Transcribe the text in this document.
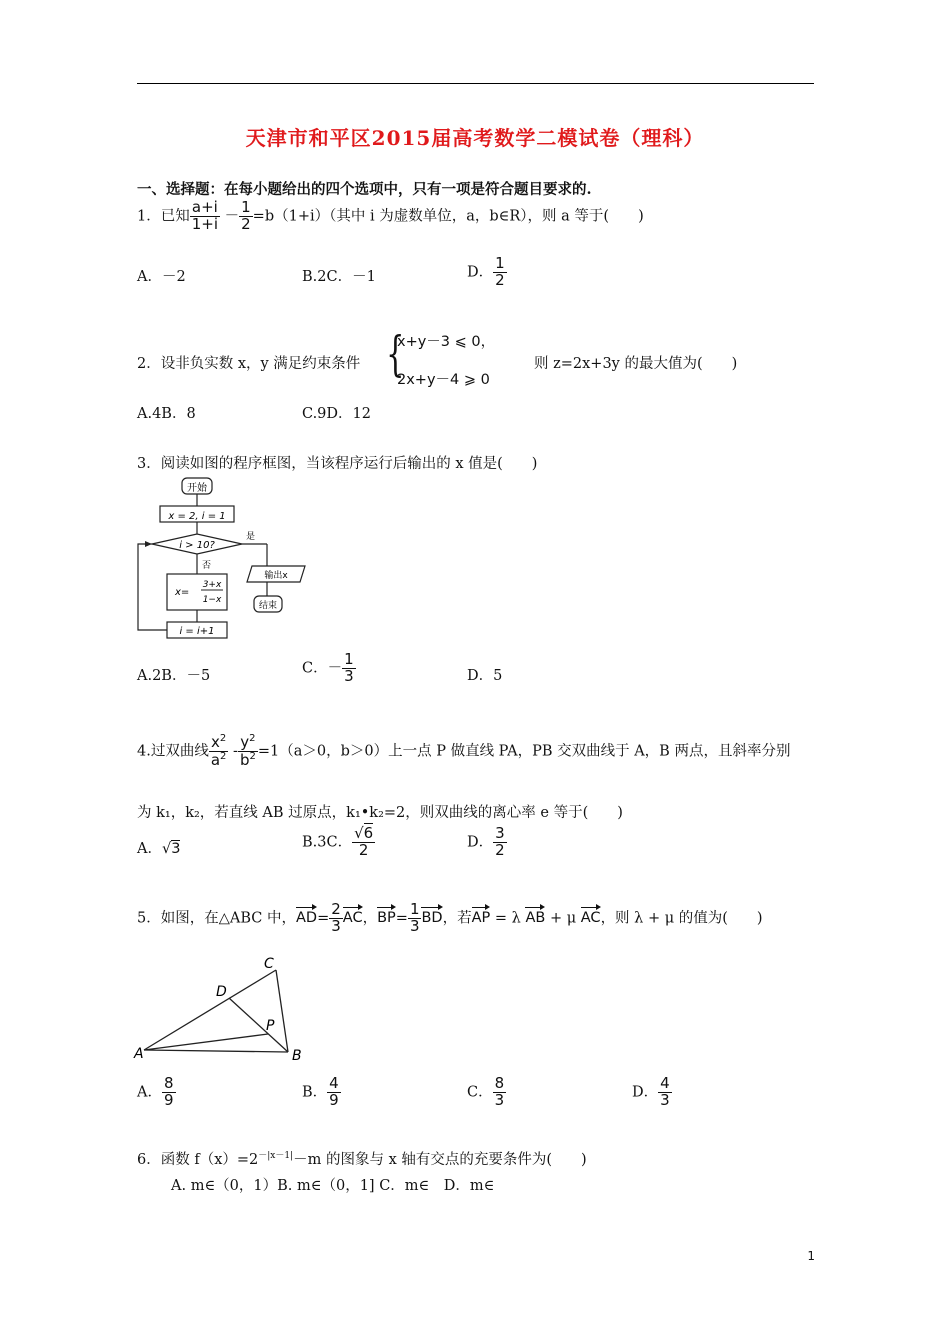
天津市和平区2015届高考数学二模试卷（理科）
一、选择题：在每小题给出的四个选项中，只有一项是符合题目要求的.
1．已知 $\frac{a+i}{1+i} - \frac{1}{2} =b(1+i)$（其中 i 为虚数单位，a，b∈R），则 a 等于(　　)
A．－2	B.2C．－1	D． $\frac{1}{2}$
2．设非负实数 x，y 满足约束条件 {
x+y－3 ⩽ 0，
2x+y－4 ⩾ 0
则 z=2x+3y 的最大值为(　　)
A.4B．8	C.9D．12
3．阅读如图的程序框图，当该程序运行后输出的 x 值是(　　)
开始
x = 2, i = 1
i > 10?
是
否
输出x
结束
x=
3+x
1−x
i = i+1
A.2B．－5	C．－ $\frac{1}{3}$	D．5
4.过双曲线 $\frac{x^2}{a^2} - \frac{y^2}{b^2} =1(a>0$，b＞0）上一点 P 做直线 PA，PB 交双曲线于 A，B 两点，且斜率分别
为 k₁，k₂，若直线 AB 过原点，k₁•k₂=2，则双曲线的离心率 e 等于(　　)
A．√3	B.3C． $\frac{√6}{2}$	D． $\frac{3}{2}$
5．如图，在△ABC 中，$AD= \frac{2}{3}$ AC，$BP= \frac{1}{3}$ BD，若AP = λ AB + μ AC，则 λ + μ 的值为(　　)
A	B
C
D
P
A． $\frac{8}{9}$	B． $\frac{4}{9}$	C． $\frac{8}{3}$	D． $\frac{4}{3}$
6．函数 $f(x)=2^{-|x-1|}-m$ 的图象与 x 轴有交点的充要条件为(　　)
A. m∈（0，1）B. m∈（0，1] C．m∈　D．m∈
1
